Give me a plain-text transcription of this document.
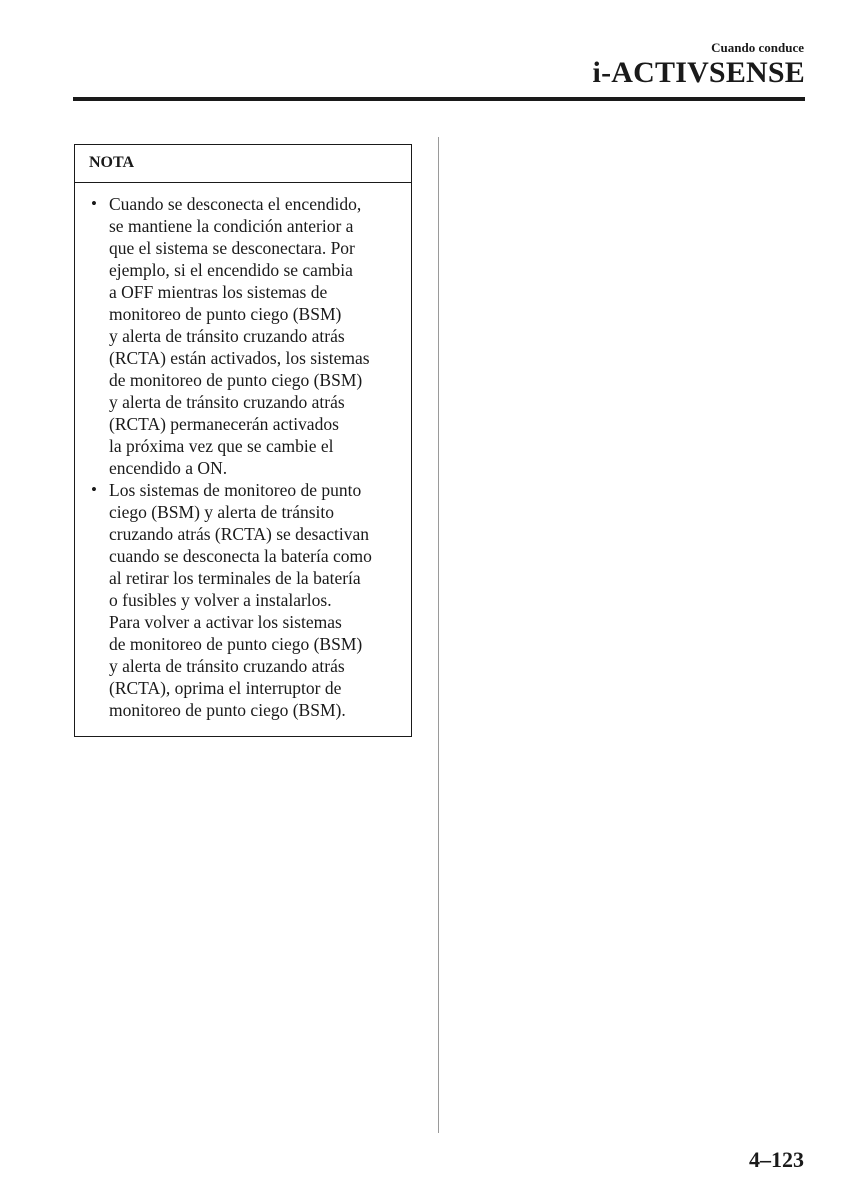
Cuando conduce
i-ACTIVSENSE
NOTA
• Cuando se desconecta el encendido,
se mantiene la condición anterior a
que el sistema se desconectara. Por
ejemplo, si el encendido se cambia
a OFF mientras los sistemas de
monitoreo de punto ciego (BSM)
y alerta de tránsito cruzando atrás
(RCTA) están activados, los sistemas
de monitoreo de punto ciego (BSM)
y alerta de tránsito cruzando atrás
(RCTA) permanecerán activados
la próxima vez que se cambie el
encendido a ON.
• Los sistemas de monitoreo de punto
ciego (BSM) y alerta de tránsito
cruzando atrás (RCTA) se desactivan
cuando se desconecta la batería como
al retirar los terminales de la batería
o fusibles y volver a instalarlos.
Para volver a activar los sistemas
de monitoreo de punto ciego (BSM)
y alerta de tránsito cruzando atrás
(RCTA), oprima el interruptor de
monitoreo de punto ciego (BSM).
4–123
